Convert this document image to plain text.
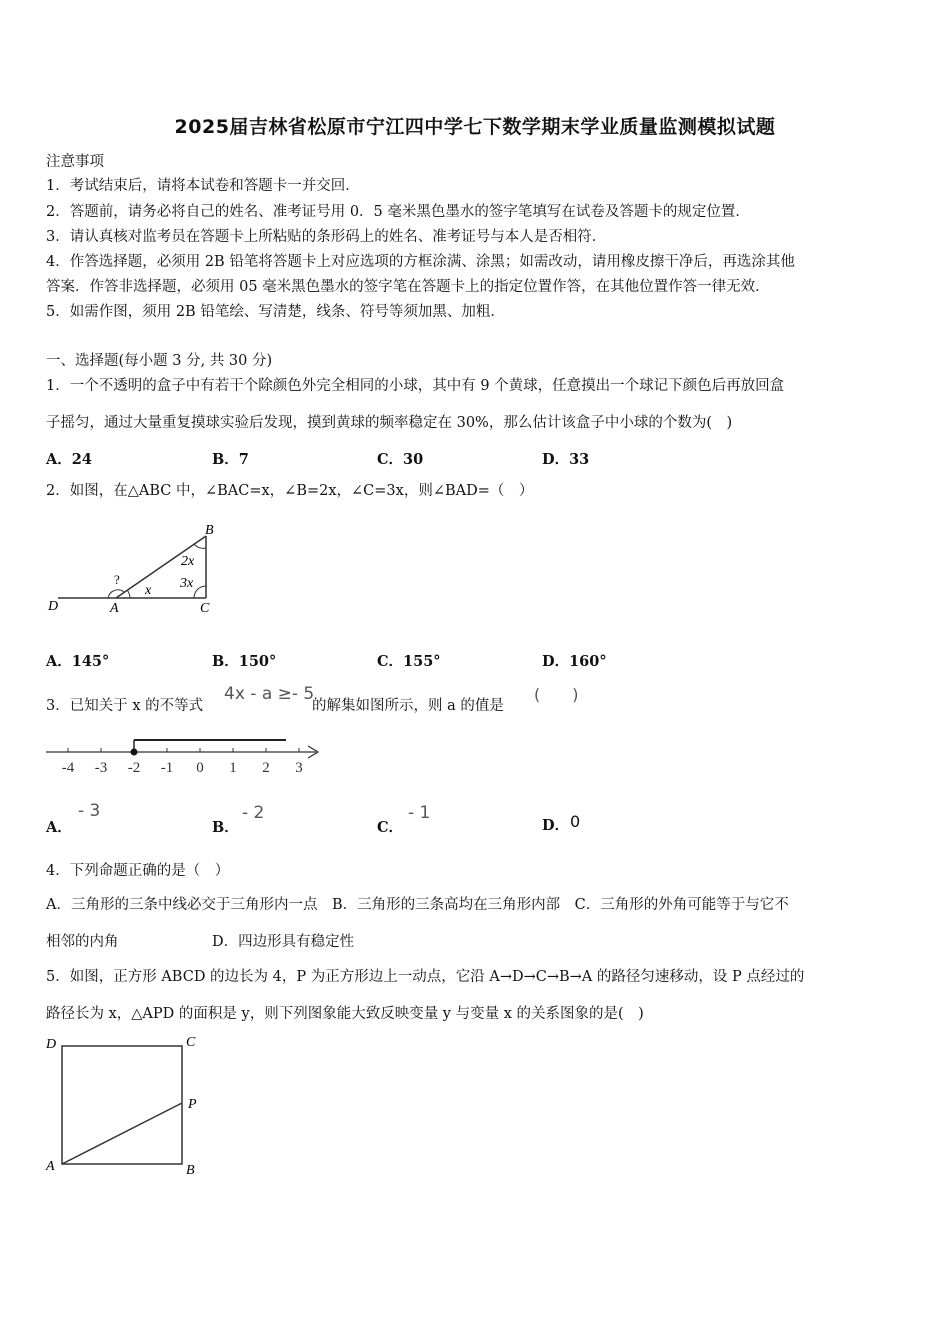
2025届吉林省松原市宁江四中学七下数学期末学业质量监测模拟试题
注意事项
1．考试结束后，请将本试卷和答题卡一并交回．
2．答题前，请务必将自己的姓名、准考证号用 0．5 毫米黑色墨水的签字笔填写在试卷及答题卡的规定位置．
3．请认真核对监考员在答题卡上所粘贴的条形码上的姓名、准考证号与本人是否相符．
4．作答选择题，必须用 2B 铅笔将答题卡上对应选项的方框涂满、涂黑；如需改动，请用橡皮擦干净后，再选涂其他
答案．作答非选择题，必须用 05 毫米黑色墨水的签字笔在答题卡上的指定位置作答，在其他位置作答一律无效．
5．如需作图，须用 2B 铅笔绘、写清楚，线条、符号等须加黑、加粗．
一、选择题(每小题 3 分, 共 30 分)
1．一个不透明的盒子中有若干个除颜色外完全相同的小球，其中有 9 个黄球，任意摸出一个球记下颜色后再放回盒
子摇匀，通过大量重复摸球实验后发现，摸到黄球的频率稳定在 30%，那么估计该盒子中小球的个数为(　)
A．24	B．7	C．30	D．33
2．如图，在△ABC 中，∠BAC=x，∠B=2x，∠C=3x，则∠BAD=（　）
B
A	C
D
?
x
2x
3x
A．145°	B．150°	C．155°	D．160°
3．已知关于 x 的不等式
4x - a ≥- 5
的解集如图所示，则 a 的值是
(　　)
-4 -3 -2 -1 0 1 2 3
A．
- 3
B．
- 2
C．
- 1
D． 0
4．下列命题正确的是（　）
A．三角形的三条中线必交于三角形内一点　B．三角形的三条高均在三角形内部　C．三角形的外角可能等于与它不
相邻的内角	D．四边形具有稳定性
5．如图，正方形 ABCD 的边长为 4，P 为正方形边上一动点，它沿 A→D→C→B→A 的路径匀速移动，设 P 点经过的
路径长为 x，△APD 的面积是 y，则下列图象能大致反映变量 y 与变量 x 的关系图象的是(　)
D	C
P
A	B
